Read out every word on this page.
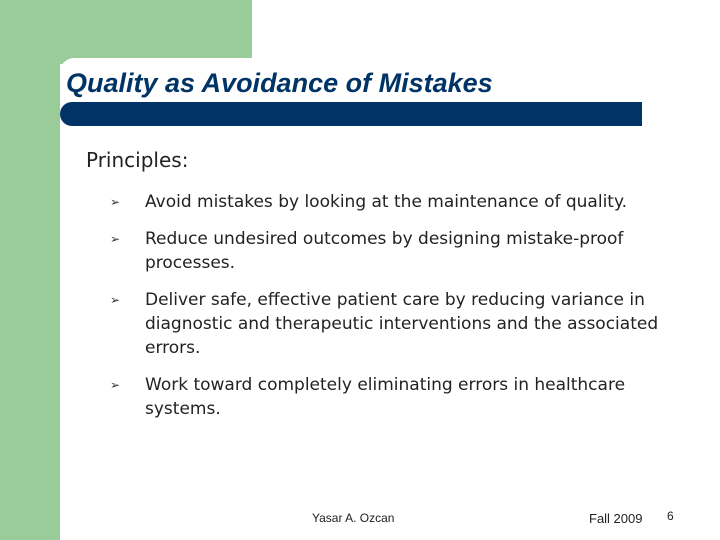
Quality as Avoidance of Mistakes
Principles:
➢ Avoid mistakes by looking at the maintenance of quality.
➢ Reduce undesired outcomes by designing mistake-proof processes.
➢ Deliver safe, effective patient care by reducing variance in diagnostic and therapeutic interventions and the associated errors.
➢ Work toward completely eliminating errors in healthcare systems.
Yasar A. Ozcan	Fall 2009 6
